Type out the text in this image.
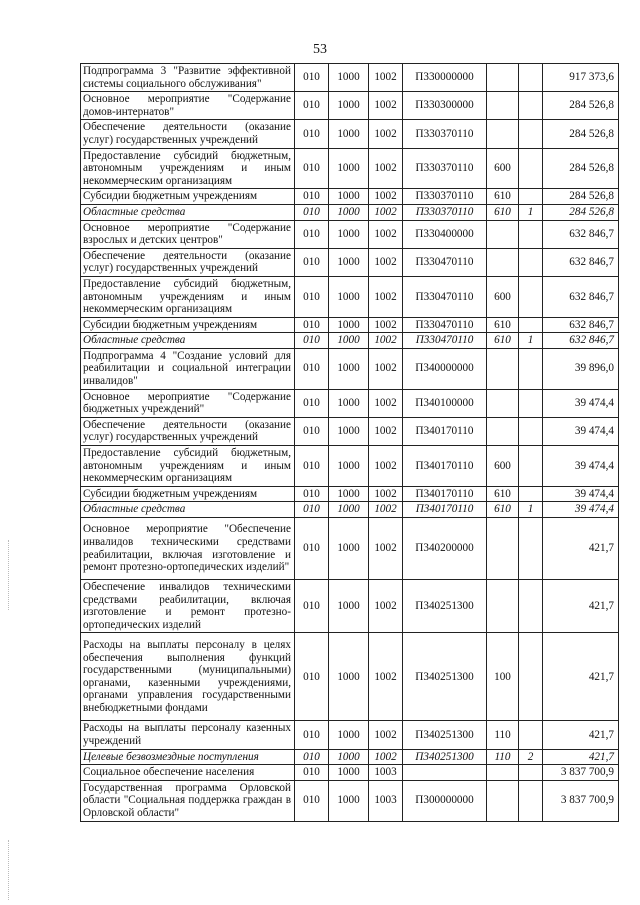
53
Подпрограмма 3 "Развитие эффективной системы социального обслуживания"	010	1000	1002	П330000000			917 373,6
Основное мероприятие "Содержание домов-интернатов"	010	1000	1002	П330300000			284 526,8
Обеспечение деятельности (оказание услуг) государственных учреждений	010	1000	1002	П330370110			284 526,8
Предоставление субсидий бюджетным, автономным учреждениям и иным некоммерческим организациям	010	1000	1002	П330370110	600		284 526,8
Субсидии бюджетным учреждениям	010	1000	1002	П330370110	610		284 526,8
Областные средства	010	1000	1002	П330370110	610	1	284 526,8
Основное мероприятие "Содержание взрослых и детских центров"	010	1000	1002	П330400000			632 846,7
Обеспечение деятельности (оказание услуг) государственных учреждений	010	1000	1002	П330470110			632 846,7
Предоставление субсидий бюджетным, автономным учреждениям и иным некоммерческим организациям	010	1000	1002	П330470110	600		632 846,7
Субсидии бюджетным учреждениям	010	1000	1002	П330470110	610		632 846,7
Областные средства	010	1000	1002	П330470110	610	1	632 846,7
Подпрограмма 4 "Создание условий для реабилитации и социальной интеграции инвалидов"	010	1000	1002	П340000000			39 896,0
Основное мероприятие "Содержание бюджетных учреждений"	010	1000	1002	П340100000			39 474,4
Обеспечение деятельности (оказание услуг) государственных учреждений	010	1000	1002	П340170110			39 474,4
Предоставление субсидий бюджетным, автономным учреждениям и иным некоммерческим организациям	010	1000	1002	П340170110	600		39 474,4
Субсидии бюджетным учреждениям	010	1000	1002	П340170110	610		39 474,4
Областные средства	010	1000	1002	П340170110	610	1	39 474,4
Основное мероприятие "Обеспечение инвалидов техническими средствами реабилитации, включая изготовление и ремонт протезно-ортопедических изделий"	010	1000	1002	П340200000			421,7
Обеспечение инвалидов техническими средствами реабилитации, включая изготовление и ремонт протезно-ортопедических изделий	010	1000	1002	П340251300			421,7
Расходы на выплаты персоналу в целях обеспечения выполнения функций государственными (муниципальными) органами, казенными учреждениями, органами управления государственными внебюджетными фондами	010	1000	1002	П340251300	100		421,7
Расходы на выплаты персоналу казенных учреждений	010	1000	1002	П340251300	110		421,7
Целевые безвозмездные поступления	010	1000	1002	П340251300	110	2	421,7
Социальное обеспечение населения	010	1000	1003				3 837 700,9
Государственная программа Орловской области "Социальная поддержка граждан в Орловской области"	010	1000	1003	П300000000			3 837 700,9
